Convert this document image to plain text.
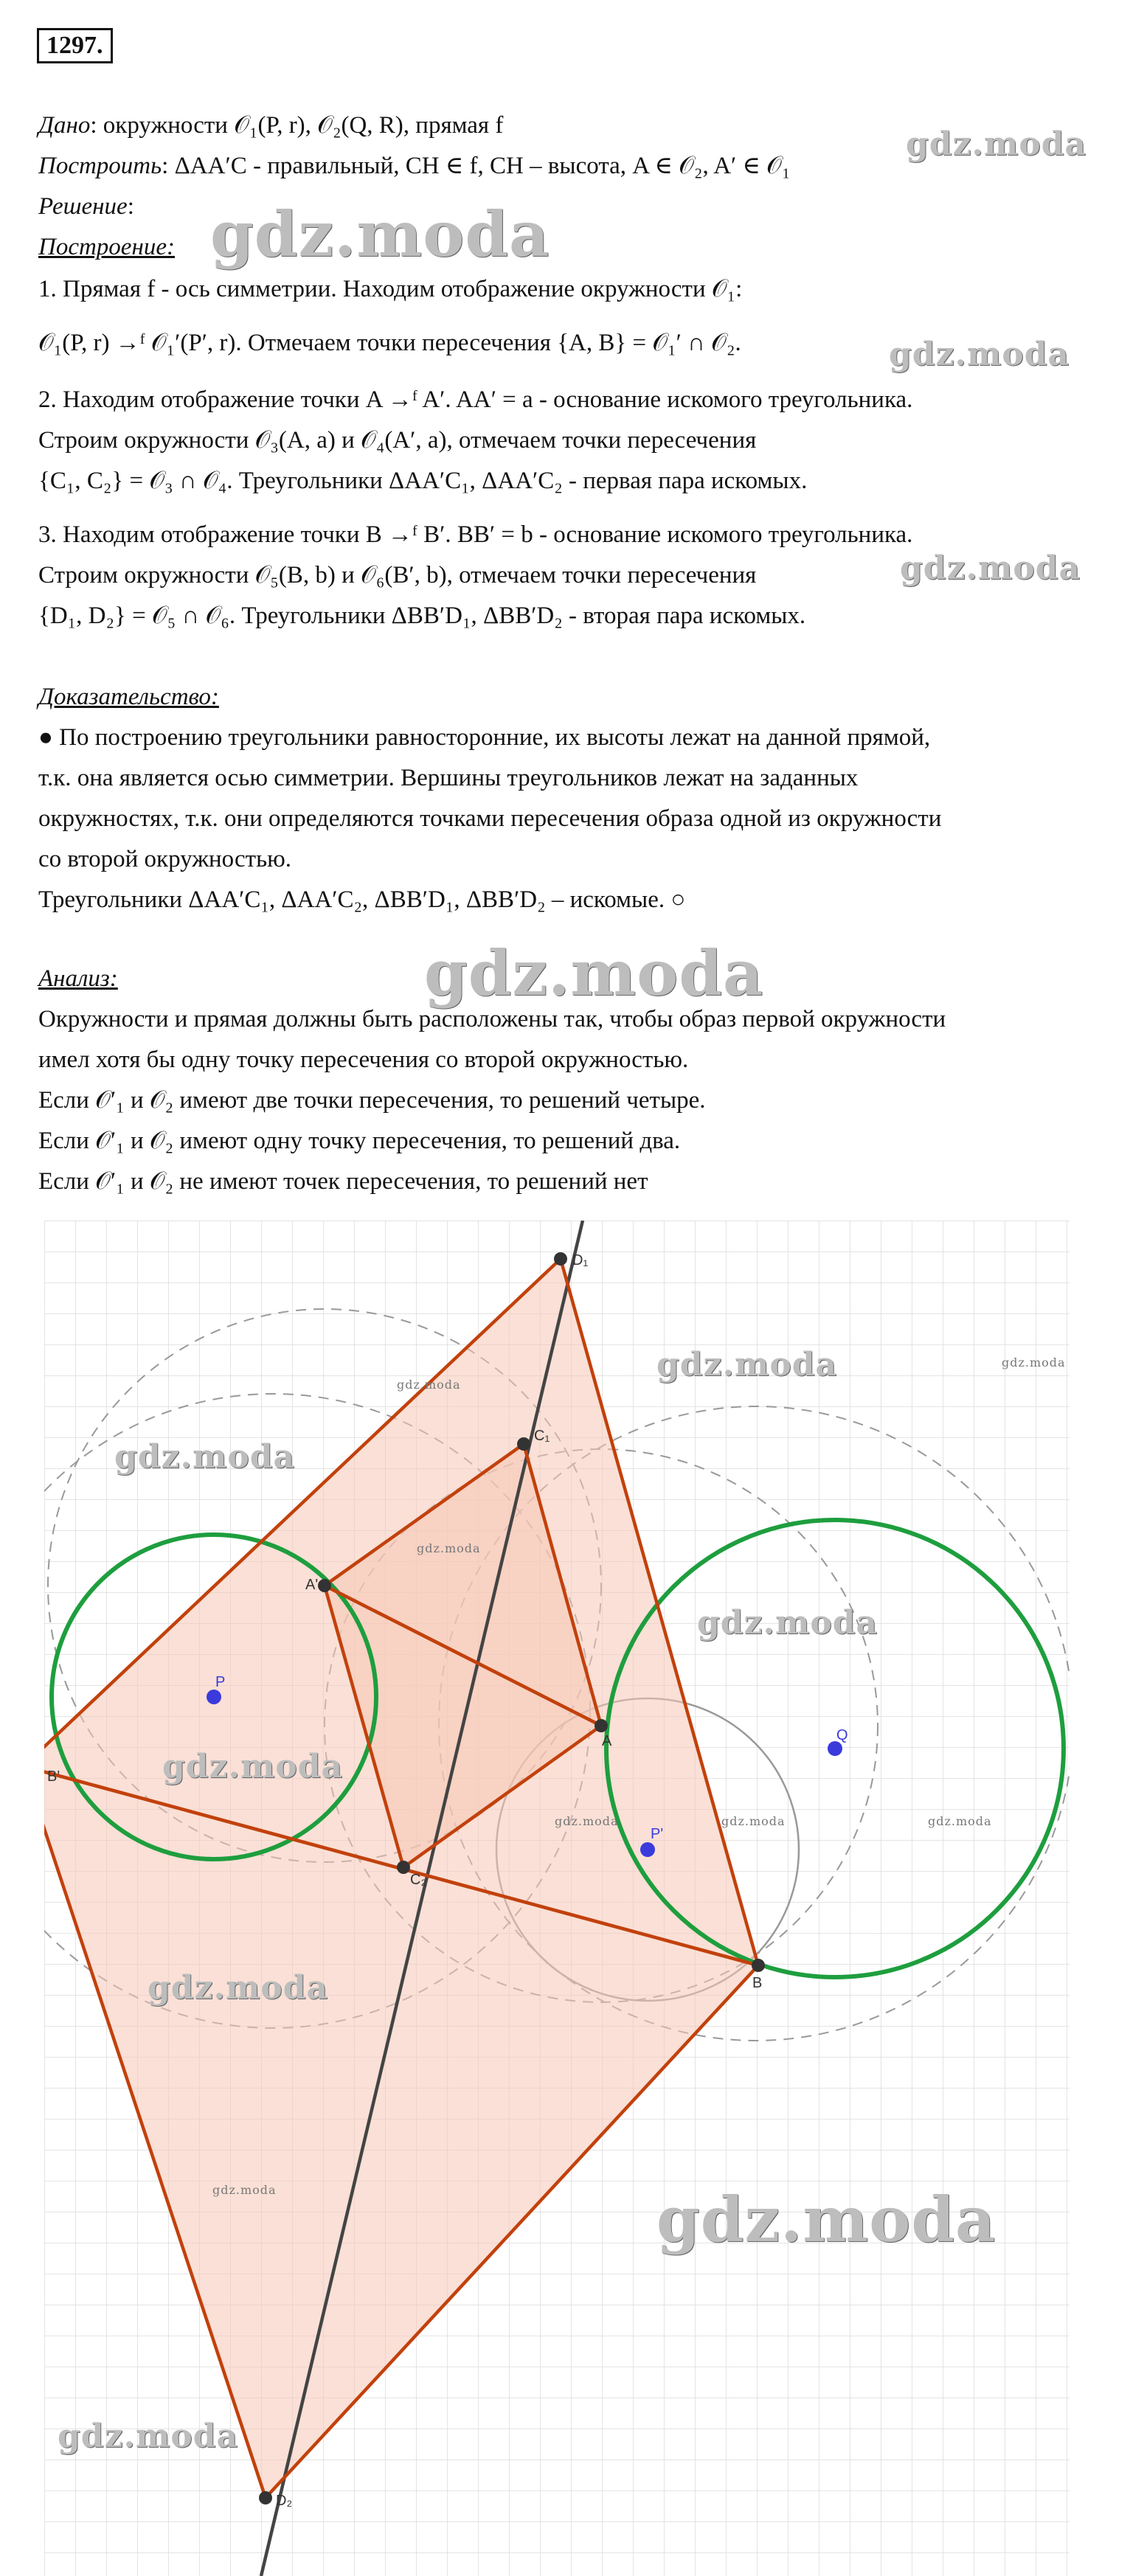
1297.
Дано: окружности 𝒪₁(P, r), 𝒪₂(Q, R), прямая f
Построить: ΔAA′C - правильный, CH ∈ f, CH – высота, A ∈ 𝒪₂, A′ ∈ 𝒪₁
Решение:
Построение:
1. Прямая f - ось симметрии. Находим отображение окружности 𝒪₁:
𝒪₁(P, r) →ᶠ 𝒪₁′(P′, r). Отмечаем точки пересечения {A, B} = 𝒪₁′ ∩ 𝒪₂.
2. Находим отображение точки A →ᶠ A′. AA′ = a - основание искомого треугольника.
Строим окружности 𝒪₃(A, a) и 𝒪₄(A′, a), отмечаем точки пересечения
{C₁, C₂} = 𝒪₃ ∩ 𝒪₄. Треугольники ΔAA′C₁, ΔAA′C₂ - первая пара искомых.
3. Находим отображение точки B →ᶠ B′. BB′ = b - основание искомого треугольника.
Строим окружности 𝒪₅(B, b) и 𝒪₆(B′, b), отмечаем точки пересечения
{D₁, D₂} = 𝒪₅ ∩ 𝒪₆. Треугольники ΔBB′D₁, ΔBB′D₂ - вторая пара искомых.
Доказательство:
● По построению треугольники равносторонние, их высоты лежат на данной прямой,
т.к. она является осью симметрии. Вершины треугольников лежат на заданных
окружностях, т.к. они определяются точками пересечения образа одной из окружности
со второй окружностью.
Треугольники ΔAA′C₁, ΔAA′C₂, ΔBB′D₁, ΔBB′D₂ – искомые. ○
Анализ:
Окружности и прямая должны быть расположены так, чтобы образ первой окружности
имел хотя бы одну точку пересечения со второй окружностью.
Если 𝒪′₁ и 𝒪₂ имеют две точки пересечения, то решений четыре.
Если 𝒪′₁ и 𝒪₂ имеют одну точку пересечения, то решений два.
Если 𝒪′₁ и 𝒪₂ не имеют точек пересечения, то решений нет
gdz.moda
gdz.moda
gdz.moda
gdz.moda
gdz.moda
D₁
C₁
A'
A
P
Q
P'
B'
B
C₂
D₂
gdz.moda
gdz.moda
gdz.moda
gdz.moda
gdz.moda
gdz.moda
gdz.moda
gdz.moda
gdz.moda
gdz.moda
gdz.moda	gdz.moda	gdz.moda
gdz.moda
